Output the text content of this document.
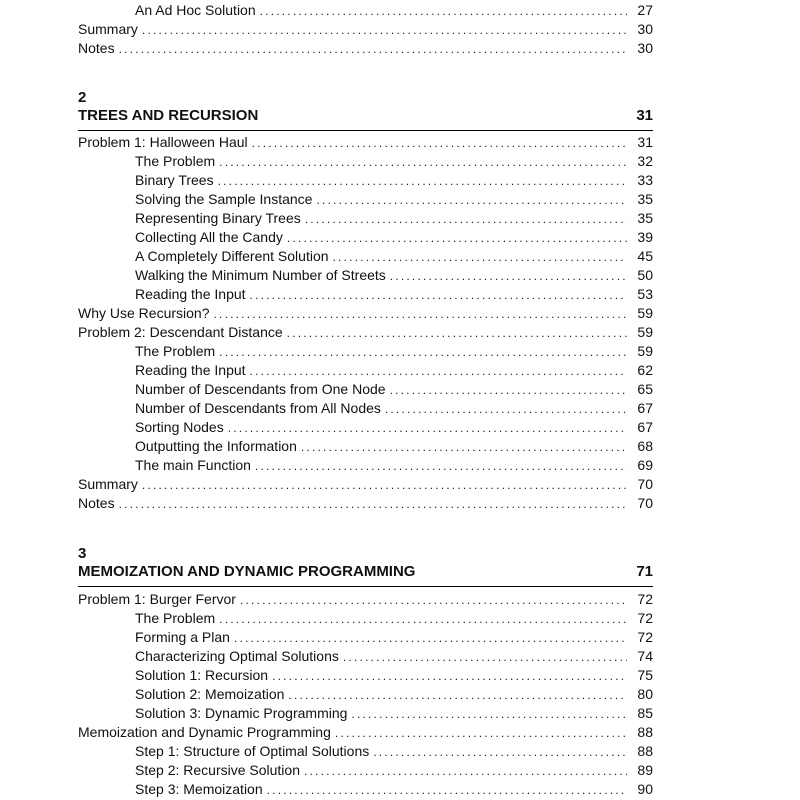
An Ad Hoc Solution .....	27
Summary .....	30
Notes .....	30
2
TREES AND RECURSION	31
Problem 1: Halloween Haul .....	31
The Problem .....	32
Binary Trees .....	33
Solving the Sample Instance .....	35
Representing Binary Trees .....	35
Collecting All the Candy .....	39
A Completely Different Solution .....	45
Walking the Minimum Number of Streets .....	50
Reading the Input .....	53
Why Use Recursion? .....	59
Problem 2: Descendant Distance .....	59
The Problem .....	59
Reading the Input .....	62
Number of Descendants from One Node .....	65
Number of Descendants from All Nodes .....	67
Sorting Nodes .....	67
Outputting the Information .....	68
The main Function .....	69
Summary .....	70
Notes .....	70
3
MEMOIZATION AND DYNAMIC PROGRAMMING	71
Problem 1: Burger Fervor .....	72
The Problem .....	72
Forming a Plan .....	72
Characterizing Optimal Solutions .....	74
Solution 1: Recursion .....	75
Solution 2: Memoization .....	80
Solution 3: Dynamic Programming .....	85
Memoization and Dynamic Programming .....	88
Step 1: Structure of Optimal Solutions .....	88
Step 2: Recursive Solution .....	89
Step 3: Memoization .....	90
